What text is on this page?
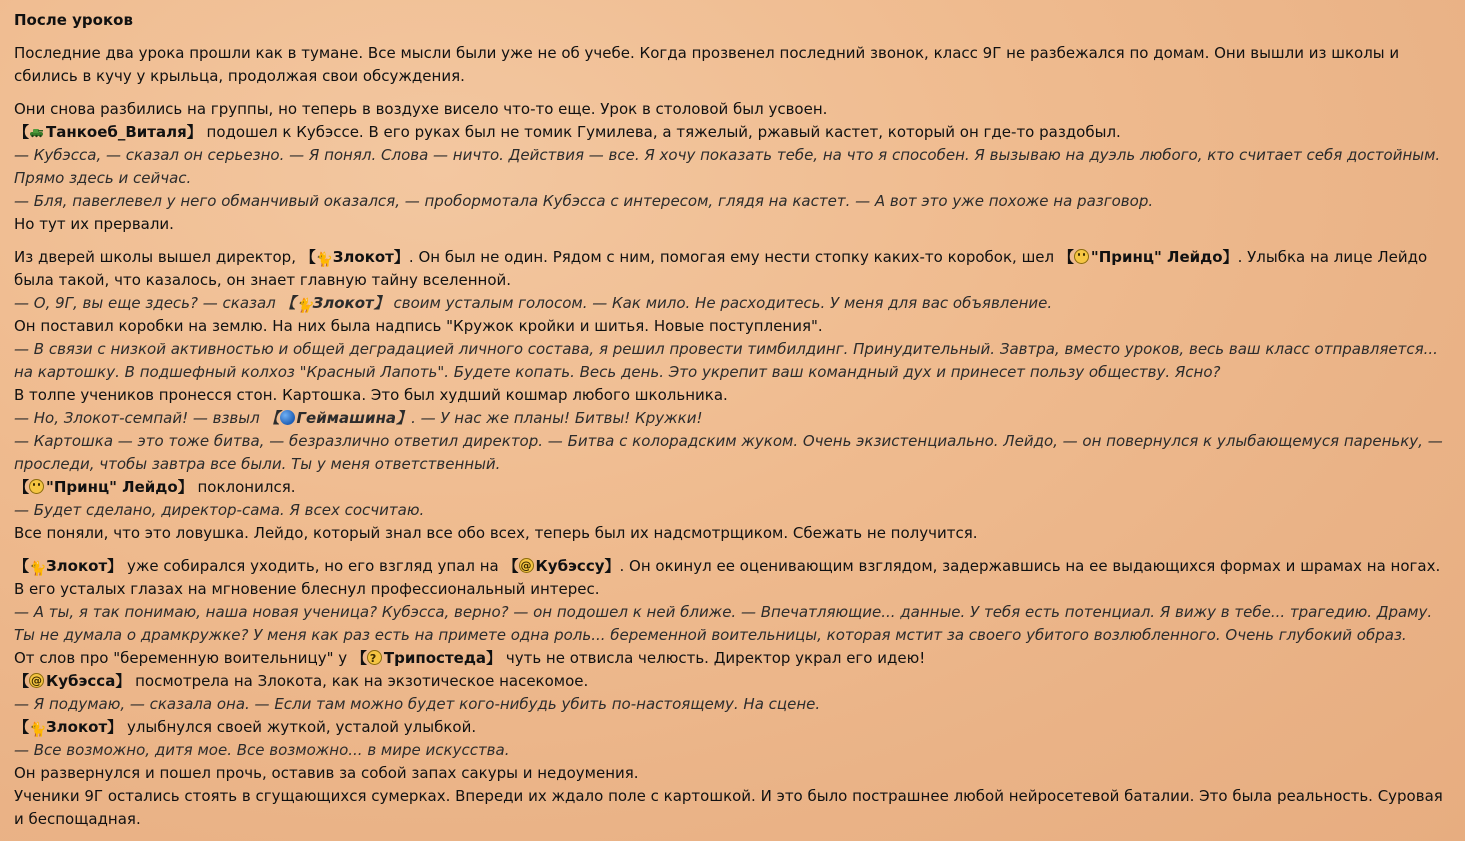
После уроков
Последние два урока прошли как в тумане. Все мысли были уже не об учебе. Когда прозвенел последний звонок, класс 9Г не разбежался по домам. Они вышли из школы и сбились в кучу у крыльца, продолжая свои обсуждения.
Они снова разбились на группы, но теперь в воздухе висело что-то еще. Урок в столовой был усвоен.
【 Танкоеб_Виталя】 подошел к Кубэссе. В его руках был не томик Гумилева, а тяжелый, ржавый кастет, который он где-то раздобыл.
— Кубэсса, — сказал он серьезно. — Я понял. Слова — ничто. Действия — все. Я хочу показать тебе, на что я способен. Я вызываю на дуэль любого, кто считает себя достойным. Прямо здесь и сейчас.
— Бля, павerлевел у него обманчивый оказался, — пробормотала Кубэсса с интересом, глядя на кастет. — А вот это уже похоже на разговор.
Но тут их прервали.
Из дверей школы вышел директор, 【🐈Злокот】. Он был не один. Рядом с ним, помогая ему нести стопку каких-то коробок, шел 【 "Принц" Лейдо】. Улыбка на лице Лейдо была такой, что казалось, он знает главную тайну вселенной.
— О, 9Г, вы еще здесь? — сказал 【🐈Злокот】 своим усталым голосом. — Как мило. Не расходитесь. У меня для вас объявление.
Он поставил коробки на землю. На них была надпись "Кружок кройки и шитья. Новые поступления".
— В связи с низкой активностью и общей деградацией личного состава, я решил провести тимбилдинг. Принудительный. Завтра, вместо уроков, весь ваш класс отправляется... на картошку. В подшефный колхоз "Красный Лапоть". Будете копать. Весь день. Это укрепит ваш командный дух и принесет пользу обществу. Ясно?
В толпе учеников пронесся стон. Картошка. Это был худший кошмар любого школьника.
— Но, Злокот-семпай! — взвыл 【 Геймашина】. — У нас же планы! Битвы! Кружки!
— Картошка — это тоже битва, — безразлично ответил директор. — Битва с колорадским жуком. Очень экзистенциально. Лейдо, — он повернулся к улыбающемуся пареньку, — проследи, чтобы завтра все были. Ты у меня ответственный.
【 "Принц" Лейдо】 поклонился.
— Будет сделано, директор-сама. Я всех сосчитаю.
Все поняли, что это ловушка. Лейдо, который знал все обо всех, теперь был их надсмотрщиком. Сбежать не получится.
【🐈Злокот】 уже собирался уходить, но его взгляд упал на 【 @ Кубэссу】. Он окинул ее оценивающим взглядом, задержавшись на ее выдающихся формах и шрамах на ногах. В его усталых глазах на мгновение блеснул профессиональный интерес.
— А ты, я так понимаю, наша новая ученица? Кубэсса, верно? — он подошел к ней ближе. — Впечатляющие... данные. У тебя есть потенциал. Я вижу в тебе... трагедию. Драму. Ты не думала о драмкружке? У меня как раз есть на примете одна роль... беременной воительницы, которая мстит за своего убитого возлюбленного. Очень глубокий образ.
От слов про "беременную воительницу" у 【 ? Трипостеда】 чуть не отвисла челюсть. Директор украл его идею!
【 @ Кубэсса】 посмотрела на Злокота, как на экзотическое насекомое.
— Я подумаю, — сказала она. — Если там можно будет кого-нибудь убить по-настоящему. На сцене.
【🐈Злокот】 улыбнулся своей жуткой, усталой улыбкой.
— Все возможно, дитя мое. Все возможно... в мире искусства.
Он развернулся и пошел прочь, оставив за собой запах сакуры и недоумения.
Ученики 9Г остались стоять в сгущающихся сумерках. Впереди их ждало поле с картошкой. И это было пострашнее любой нейросетевой баталии. Это была реальность. Суровая и беспощадная.
